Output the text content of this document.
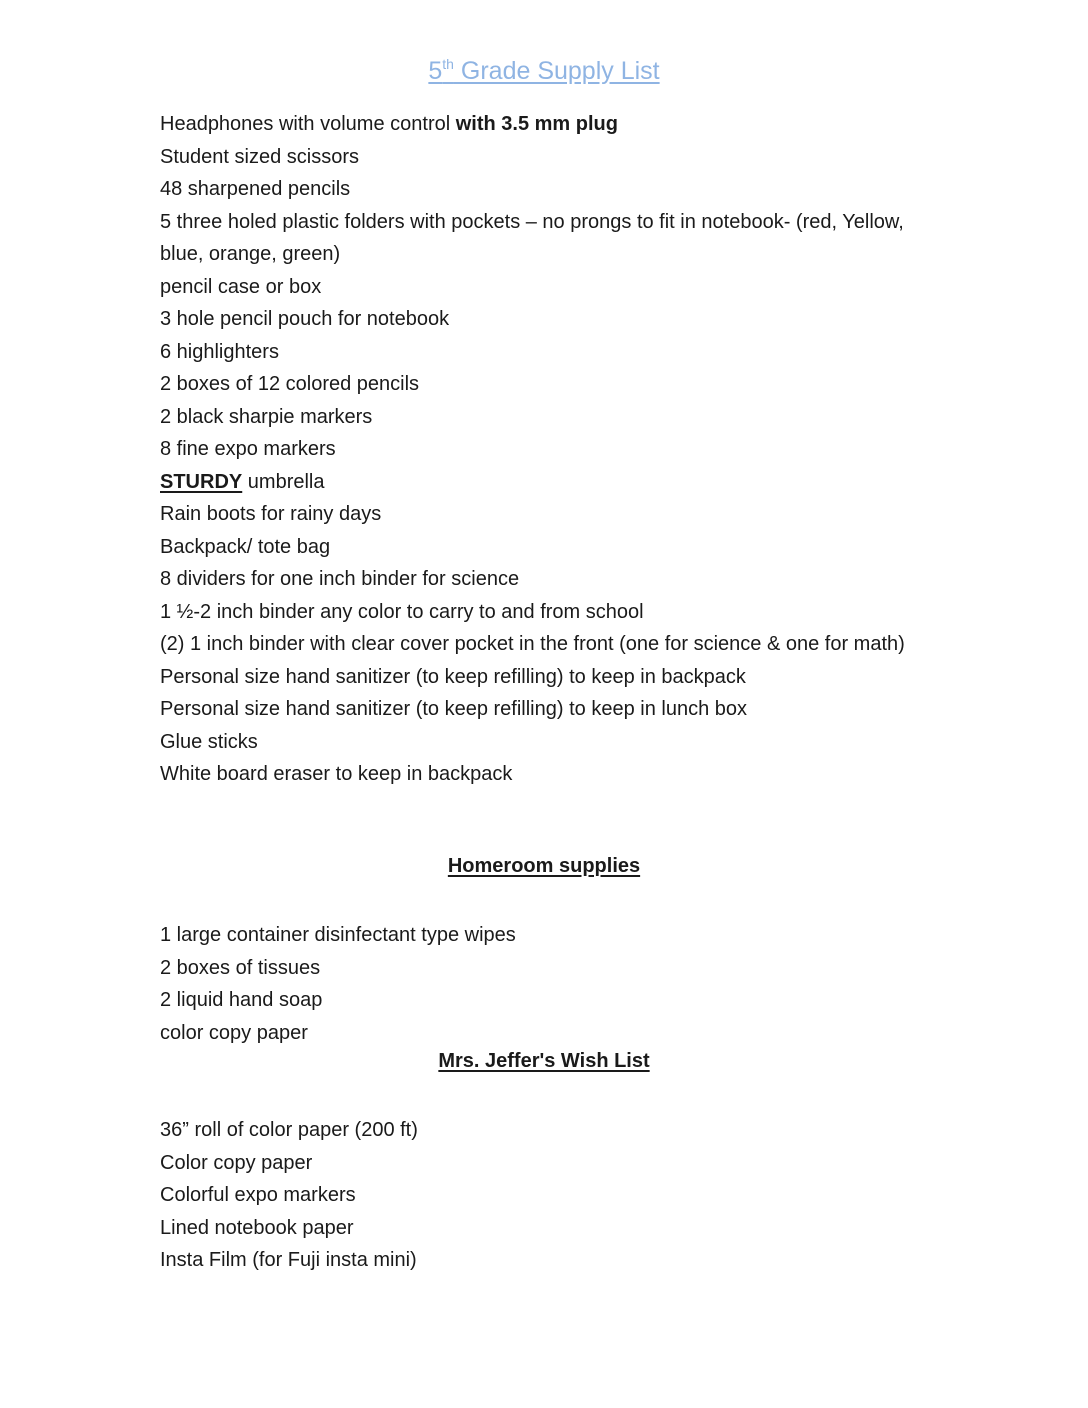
5th Grade Supply List
Headphones with volume control with 3.5 mm plug
Student sized scissors
48 sharpened pencils
5 three holed plastic folders with pockets – no prongs to fit in notebook- (red, Yellow, blue, orange, green)
pencil case or box
3 hole pencil pouch for notebook
6 highlighters
2 boxes of 12 colored pencils
2 black sharpie markers
8 fine expo markers
STURDY umbrella
Rain boots for rainy days
Backpack/ tote bag
8 dividers for one inch binder for science
1 ½-2 inch binder any color to carry to and from school
(2) 1 inch binder with clear cover pocket in the front (one for science & one for math)
Personal size hand sanitizer (to keep refilling) to keep in backpack
Personal size hand sanitizer (to keep refilling) to keep in lunch box
Glue sticks
White board eraser to keep in backpack
Homeroom supplies
1 large container disinfectant type wipes
2 boxes of tissues
2 liquid hand soap
color copy paper
Mrs. Jeffer's Wish List
36” roll of color paper (200 ft)
Color copy paper
Colorful expo markers
Lined notebook paper
Insta Film (for Fuji insta mini)
